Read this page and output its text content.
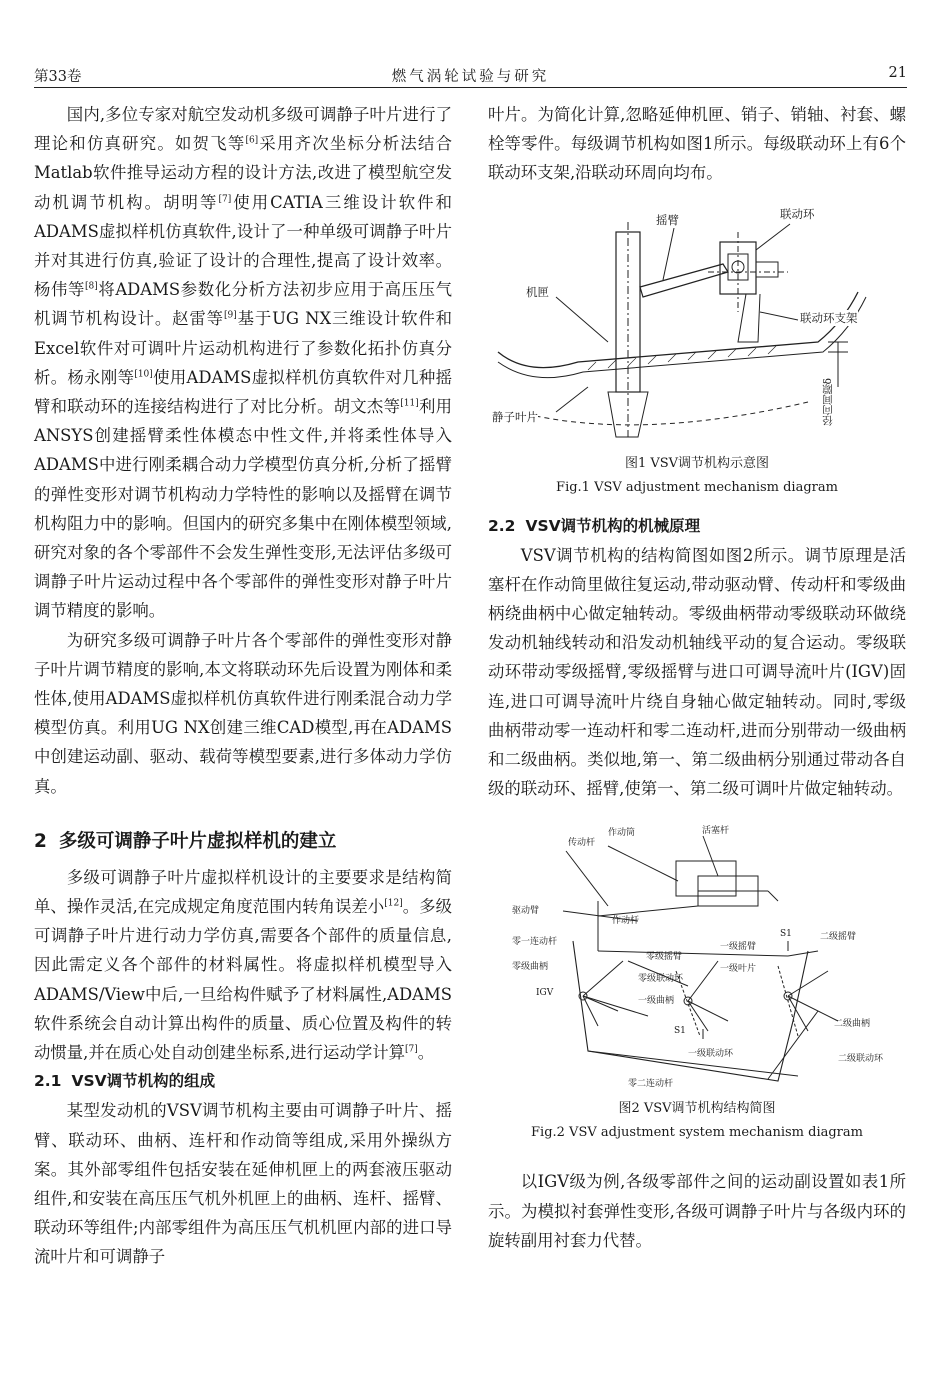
第33卷	燃气涡轮试验与研究	21

国内,多位专家对航空发动机多级可调静子叶片进行了理论和仿真研究。如贺飞等[6]采用齐次坐标分析法结合Matlab软件推导运动方程的设计方法,改进了模型航空发动机调节机构。胡明等[7]使用CATIA三维设计软件和ADAMS虚拟样机仿真软件,设计了一种单级可调静子叶片并对其进行仿真,验证了设计的合理性,提高了设计效率。杨伟等[8]将ADAMS参数化分析方法初步应用于高压压气机调节机构设计。赵雷等[9]基于UG NX三维设计软件和Excel软件对可调叶片运动机构进行了参数化拓扑仿真分析。杨永刚等[10]使用ADAMS虚拟样机仿真软件对几种摇臂和联动环的连接结构进行了对比分析。胡文杰等[11]利用ANSYS创建摇臂柔性体模态中性文件,并将柔性体导入ADAMS中进行刚柔耦合动力学模型仿真分析,分析了摇臂的弹性变形对调节机构动力学特性的影响以及摇臂在调节机构阻力中的影响。但国内的研究多集中在刚体模型领域,研究对象的各个零部件不会发生弹性变形,无法评估多级可调静子叶片运动过程中各个零部件的弹性变形对静子叶片调节精度的影响。

为研究多级可调静子叶片各个零部件的弹性变形对静子叶片调节精度的影响,本文将联动环先后设置为刚体和柔性体,使用ADAMS虚拟样机仿真软件进行刚柔混合动力学模型仿真。利用UG NX创建三维CAD模型,再在ADAMS中创建运动副、驱动、载荷等模型要素,进行多体动力学仿真。

2 多级可调静子叶片虚拟样机的建立

多级可调静子叶片虚拟样机设计的主要要求是结构简单、操作灵活,在完成规定角度范围内转角误差小[12]。多级可调静子叶片进行动力学仿真,需要各个部件的质量信息,因此需定义各个部件的材料属性。将虚拟样机模型导入ADAMS/View中后,一旦给构件赋予了材料属性,ADAMS软件系统会自动计算出构件的质量、质心位置及构件的转动惯量,并在质心处自动创建坐标系,进行运动学计算[7]。

2.1 VSV调节机构的组成

某型发动机的VSV调节机构主要由可调静子叶片、摇臂、联动环、曲柄、连杆和作动筒等组成,采用外操纵方案。其外部零组件包括安装在延伸机匣上的两套液压驱动组件,和安装在高压压气机外机匣上的曲柄、连杆、摇臂、联动环等组件;内部零组件为高压压气机机匣内部的进口导流叶片和可调静子

叶片。为简化计算,忽略延伸机匣、销子、销轴、衬套、螺栓等零件。每级调节机构如图1所示。每级联动环上有6个联动环支架,沿联动环周向均布。

摇臂	联动环
机匣
联动环支架
静子叶片	径向间隙δ
图1 VSV调节机构示意图
Fig.1 VSV adjustment mechanism diagram
2.2 VSV调节机构的机械原理

VSV调节机构的结构简图如图2所示。调节原理是活塞杆在作动筒里做往复运动,带动驱动臂、传动杆和零级曲柄绕曲柄中心做定轴转动。零级曲柄带动零级联动环做绕发动机轴线转动和沿发动机轴线平动的复合运动。零级联动环带动零级摇臂,零级摇臂与进口可调导流叶片(IGV)固连,进口可调导流叶片绕自身轴心做定轴转动。同时,零级曲柄带动零一连动杆和零二连动杆,进而分别带动一级曲柄和二级曲柄。类似地,第一、第二级曲柄分别通过带动各自级的联动环、摇臂,使第一、第二级可调叶片做定轴转动。

作动筒	活塞杆
传动杆
驱动臂
作动杆
零一连动杆
零级曲柄
IGV
零级摇臂
零级联动环
一级曲柄
一级摇臂
一级叶片
S1
S1
一级联动环
二级摇臂
二级曲柄
二级联动环
零二连动杆
图2 VSV调节机构结构简图
Fig.2 VSV adjustment system mechanism diagram

以IGV级为例,各级零部件之间的运动副设置如表1所示。为模拟衬套弹性变形,各级可调静子叶片与各级内环的旋转副用衬套力代替。
